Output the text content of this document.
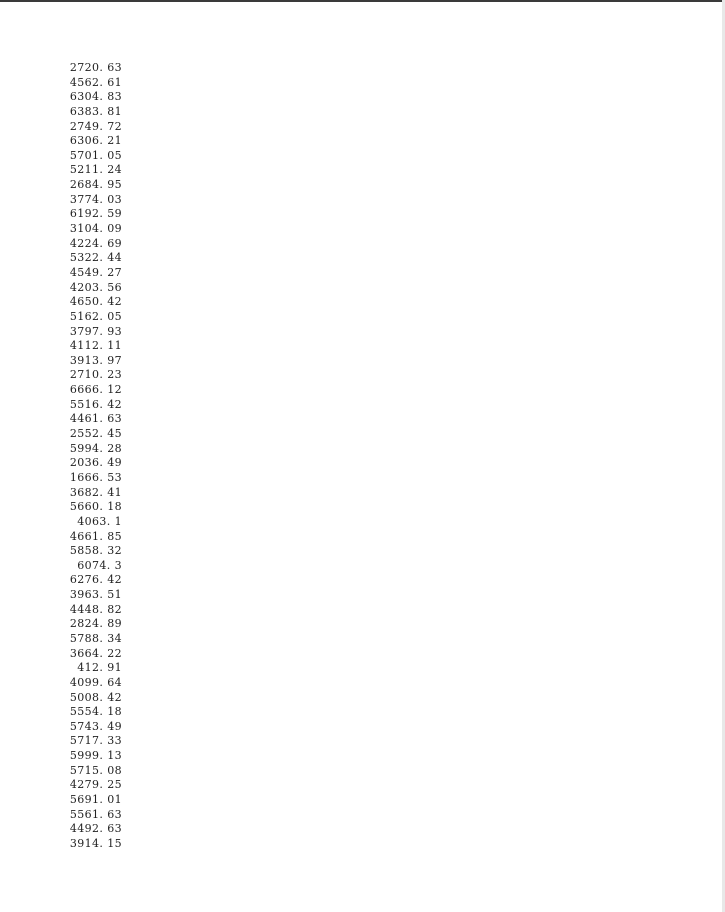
2720. 63
4562. 61
6304. 83
6383. 81
2749. 72
6306. 21
5701. 05
5211. 24
2684. 95
3774. 03
6192. 59
3104. 09
4224. 69
5322. 44
4549. 27
4203. 56
4650. 42
5162. 05
3797. 93
4112. 11
3913. 97
2710. 23
6666. 12
5516. 42
4461. 63
2552. 45
5994. 28
2036. 49
1666. 53
3682. 41
5660. 18
4063. 1
4661. 85
5858. 32
6074. 3
6276. 42
3963. 51
4448. 82
2824. 89
5788. 34
3664. 22
412. 91
4099. 64
5008. 42
5554. 18
5743. 49
5717. 33
5999. 13
5715. 08
4279. 25
5691. 01
5561. 63
4492. 63
3914. 15
